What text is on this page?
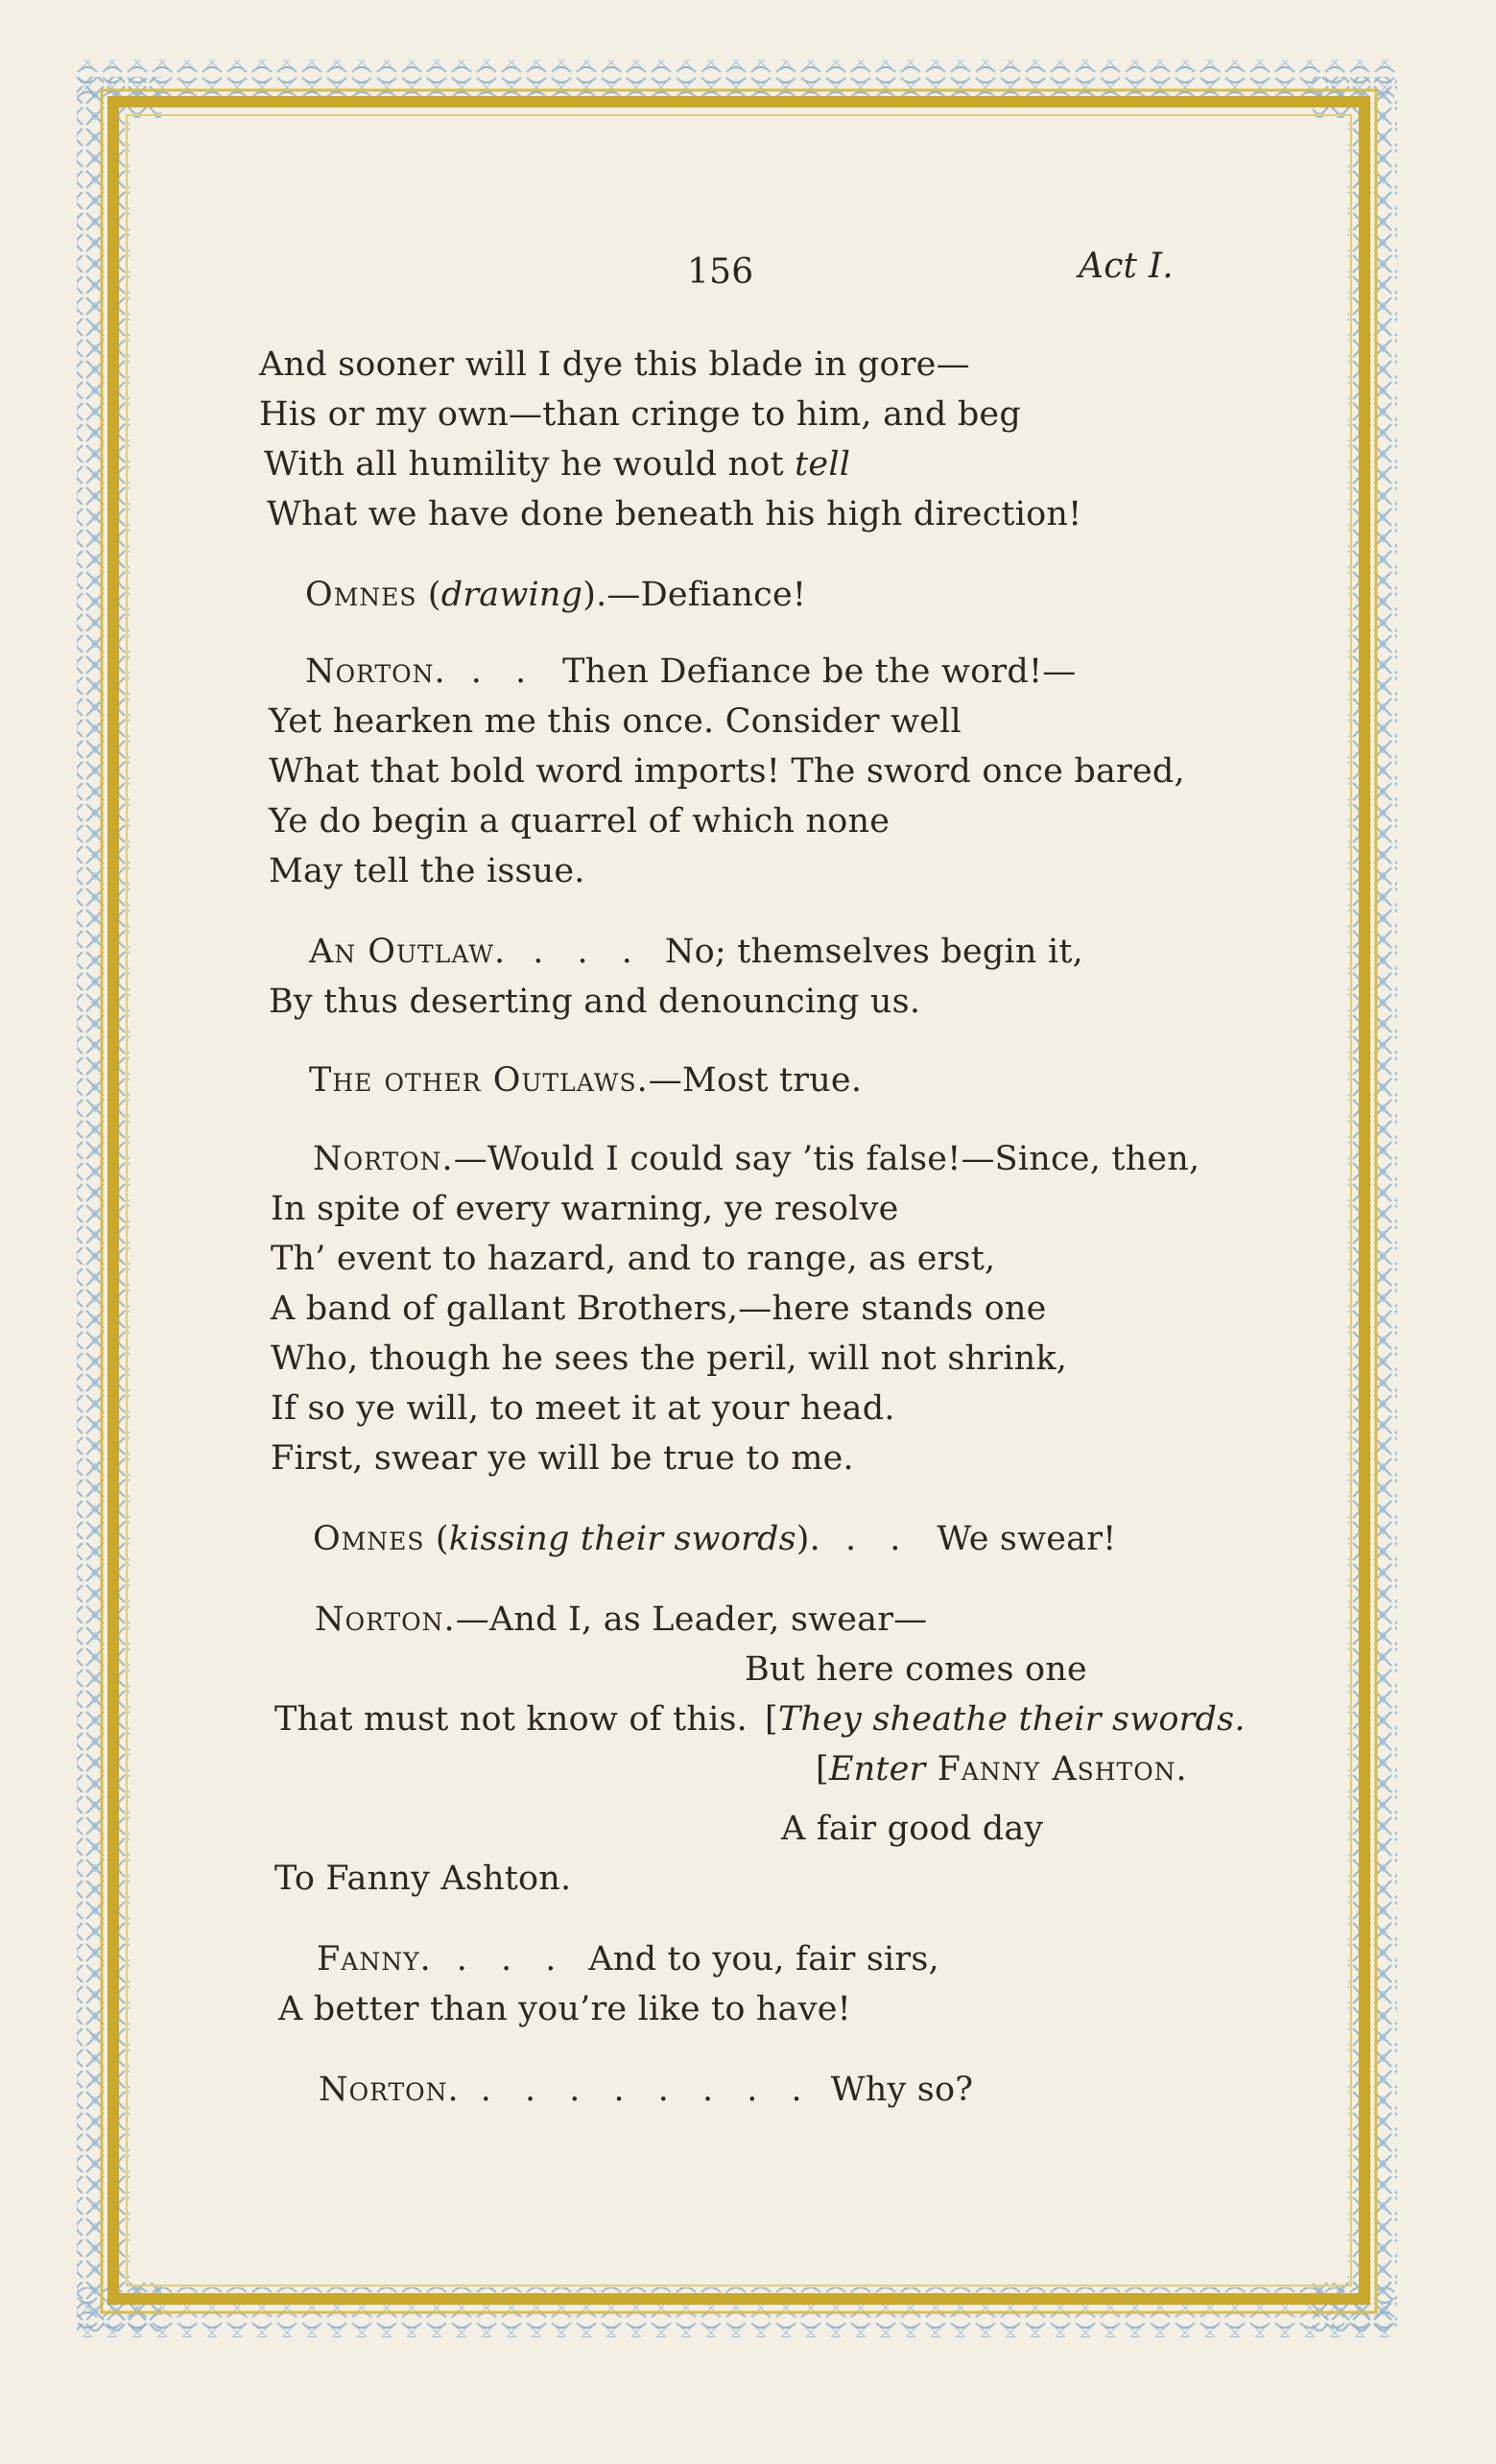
156	Act I.
And sooner will I dye this blade in gore—
His or my own—than cringe to him, and beg
With all humility he would not tell
What we have done beneath his high direction!
Omnes (drawing).—Defiance!
Norton. . . Then Defiance be the word!—
Yet hearken me this once. Consider well
What that bold word imports! The sword once bared,
Ye do begin a quarrel of which none
May tell the issue.
An Outlaw. . . . No; themselves begin it,
By thus deserting and denouncing us.
The other Outlaws.—Most true.
Norton.—Would I could say ’tis false!—Since, then,
In spite of every warning, ye resolve
Th’ event to hazard, and to range, as erst,
A band of gallant Brothers,—here stands one
Who, though he sees the peril, will not shrink,
If so ye will, to meet it at your head.
First, swear ye will be true to me.
Omnes (kissing their swords). . . We swear!
Norton.—And I, as Leader, swear—
But here comes one
That must not know of this. [They sheathe their swords.
[Enter Fanny Ashton.
A fair good day
To Fanny Ashton.
Fanny. . . . And to you, fair sirs,
A better than you’re like to have!
Norton. . . . . . . . . Why so?
